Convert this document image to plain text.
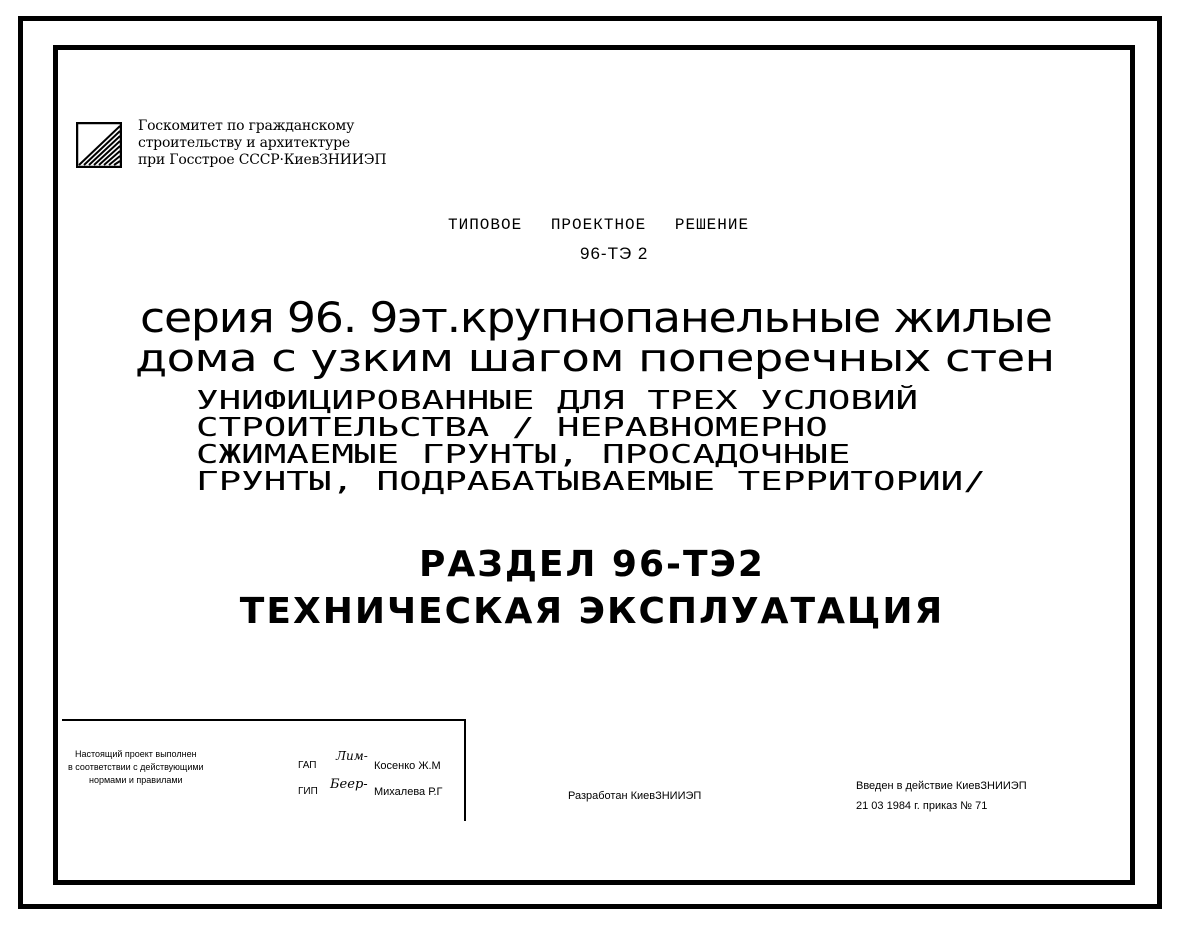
Госкомитет по гражданскому
строительству и архитектуре
при Госстрое СССР·КиевЗНИИЭП
ТИПОВОЕ ПРОЕКТНОЕ РЕШЕНИЕ
96-ТЭ 2
серия 96. 9эт.крупнопанельные жилые
дома с узким шагом поперечных стен
УНИФИЦИРОВАННЫЕ ДЛЯ ТРЕХ УСЛОВИЙ
СТРОИТЕЛЬСТВА / НЕРАВНОМЕРНО
СЖИМАЕМЫЕ ГРУНТЫ, ПРОСАДОЧНЫЕ
ГРУНТЫ, ПОДРАБАТЫВАЕМЫЕ ТЕРРИТОРИИ/
РАЗДЕЛ 96-ТЭ2
ТЕХНИЧЕСКАЯ ЭКСПЛУАТАЦИЯ
Настоящий проект выполнен
в соответствии с действующими
нормами и правилами
ГАП
ГИП
Лим-
Беер-
Косенко Ж.М
Михалева Р.Г	Разработан КиевЗНИИЭП
Введен в действие КиевЗНИИЭП
21 03 1984 г. приказ № 71
